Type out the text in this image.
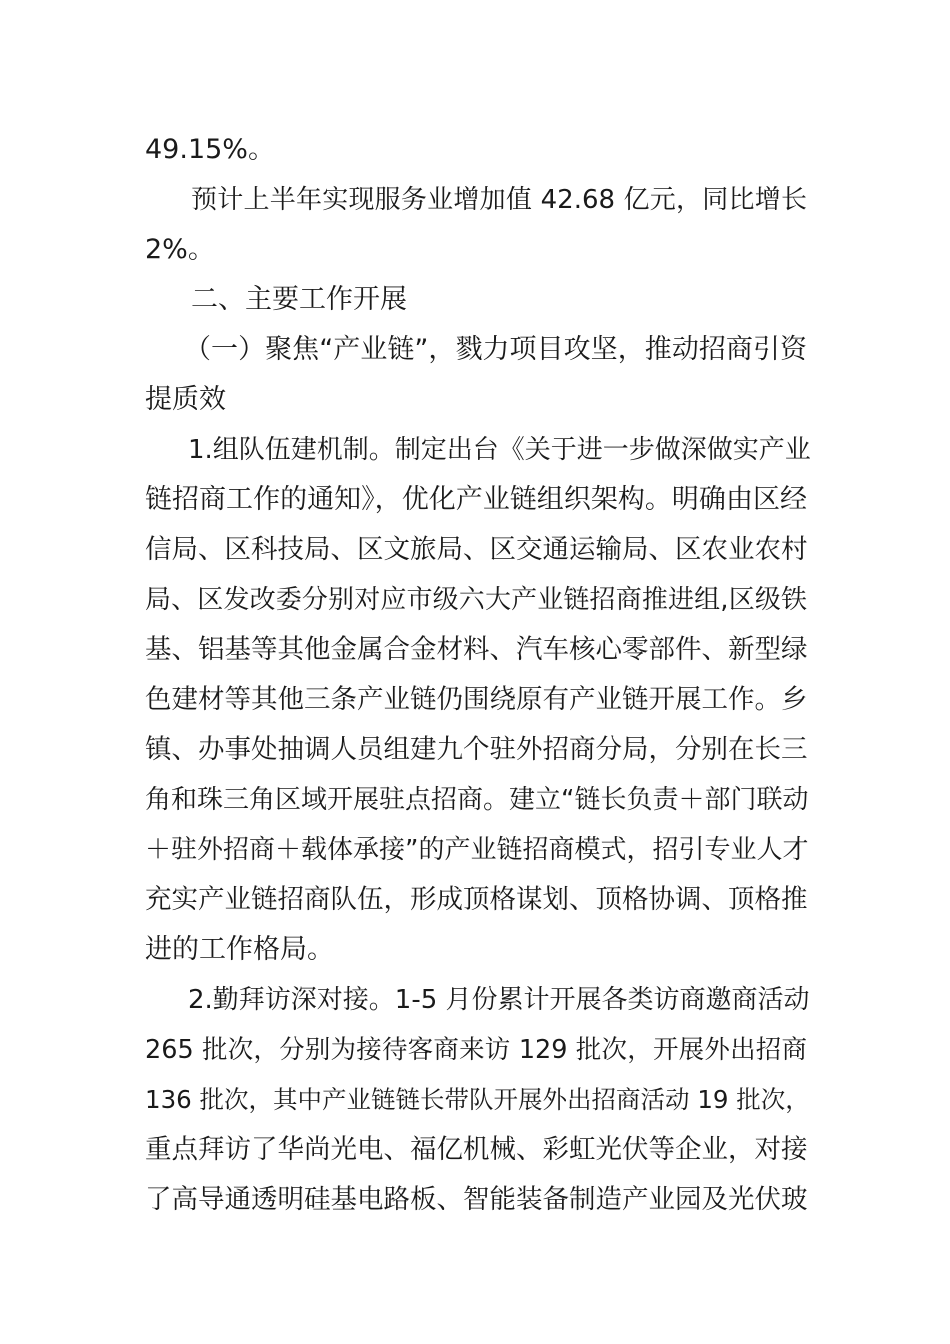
49.15%。
预计上半年实现服务业增加值 42.68 亿元，同比增长
2%。
二、主要工作开展
（一）聚焦“产业链”，戮力项目攻坚，推动招商引资
提质效
1.组队伍建机制。制定出台《关于进一步做深做实产业
链招商工作的通知》，优化产业链组织架构。明确由区经
信局、区科技局、区文旅局、区交通运输局、区农业农村
局、区发改委分别对应市级六大产业链招商推进组,区级铁
基、铝基等其他金属合金材料、汽车核心零部件、新型绿
色建材等其他三条产业链仍围绕原有产业链开展工作。乡
镇、办事处抽调人员组建九个驻外招商分局，分别在长三
角和珠三角区域开展驻点招商。建立“链长负责＋部门联动
＋驻外招商＋载体承接”的产业链招商模式，招引专业人才
充实产业链招商队伍，形成顶格谋划、顶格协调、顶格推
进的工作格局。
2.勤拜访深对接。1-5 月份累计开展各类访商邀商活动
265 批次，分别为接待客商来访 129 批次，开展外出招商
136 批次，其中产业链链长带队开展外出招商活动 19 批次，
重点拜访了华尚光电、福亿机械、彩虹光伏等企业，对接
了高导通透明硅基电路板、智能装备制造产业园及光伏玻
